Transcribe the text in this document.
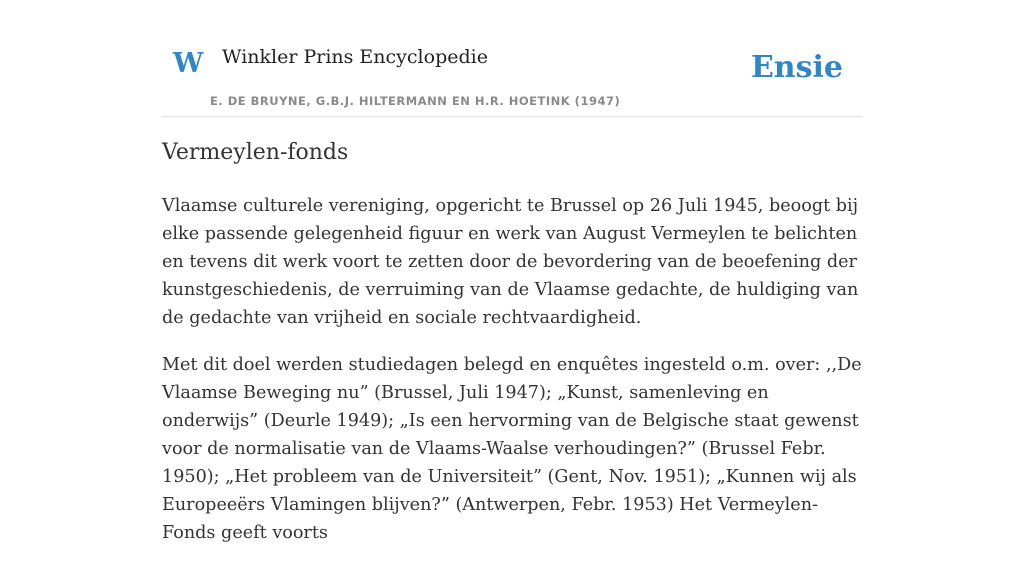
W Winkler Prins Encyclopedie
E. DE BRUYNE, G.B.J. HILTERMANN EN H.R. HOETINK (1947)
Ensie
Vermeylen-fonds

Vlaamse culturele vereniging, opgericht te Brussel op 26 Juli 1945, beoogt bij elke passende gelegenheid figuur en werk van August Vermeylen te belichten en tevens dit werk voort te zetten door de bevordering van de beoefening der kunstgeschiedenis, de verruiming van de Vlaamse gedachte, de huldiging van de gedachte van vrijheid en sociale rechtvaardigheid.

Met dit doel werden studiedagen belegd en enquêtes ingesteld o.m. over: ,,De Vlaamse Beweging nu” (Brussel, Juli 1947); „Kunst, samenleving en onderwijs” (Deurle 1949); „Is een hervorming van de Belgische staat gewenst voor de normalisatie van de Vlaams-Waalse verhoudingen?” (Brussel Febr. 1950); „Het probleem van de Universiteit” (Gent, Nov. 1951); „Kunnen wij als Europeeërs Vlamingen blijven?” (Antwerpen, Febr. 1953) Het Vermeylen-Fonds geeft voorts
